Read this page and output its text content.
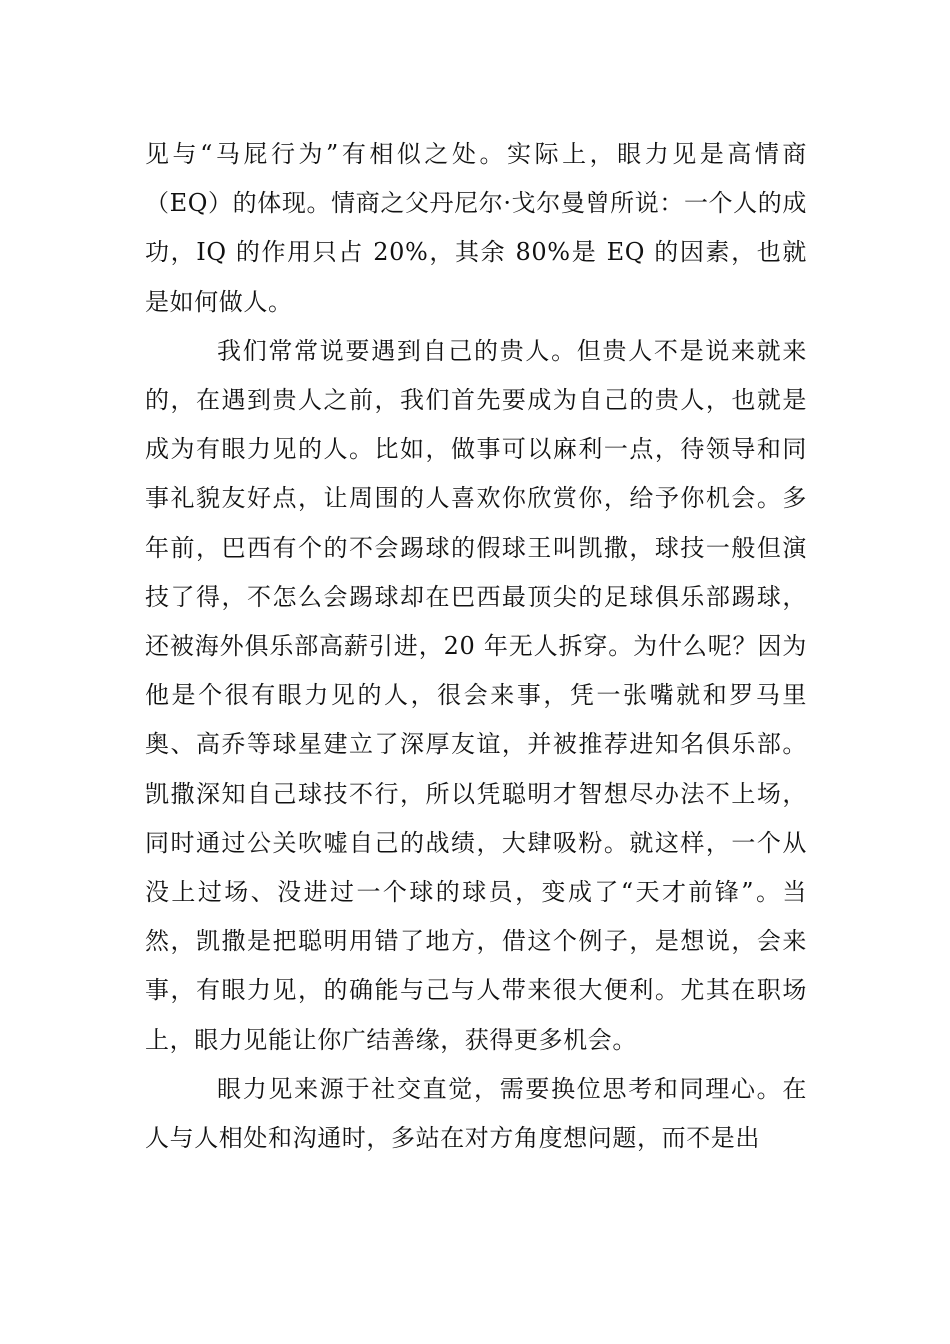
见与“马屁行为”有相似之处。实际上，眼力见是高情商（EQ）的体现。情商之父丹尼尔·戈尔曼曾所说：一个人的成功，IQ 的作用只占 20%，其余 80%是 EQ 的因素，也就是如何做人。

我们常常说要遇到自己的贵人。但贵人不是说来就来的，在遇到贵人之前，我们首先要成为自己的贵人，也就是成为有眼力见的人。比如，做事可以麻利一点，待领导和同事礼貌友好点，让周围的人喜欢你欣赏你，给予你机会。多年前，巴西有个的不会踢球的假球王叫凯撒，球技一般但演技了得，不怎么会踢球却在巴西最顶尖的足球俱乐部踢球，还被海外俱乐部高薪引进，20 年无人拆穿。为什么呢？因为他是个很有眼力见的人，很会来事，凭一张嘴就和罗马里奥、高乔等球星建立了深厚友谊，并被推荐进知名俱乐部。凯撒深知自己球技不行，所以凭聪明才智想尽办法不上场，同时通过公关吹嘘自己的战绩，大肆吸粉。就这样，一个从没上过场、没进过一个球的球员，变成了“天才前锋”。当然，凯撒是把聪明用错了地方，借这个例子，是想说，会来事，有眼力见，的确能与己与人带来很大便利。尤其在职场上，眼力见能让你广结善缘，获得更多机会。

眼力见来源于社交直觉，需要换位思考和同理心。在人与人相处和沟通时，多站在对方角度想问题，而不是出
